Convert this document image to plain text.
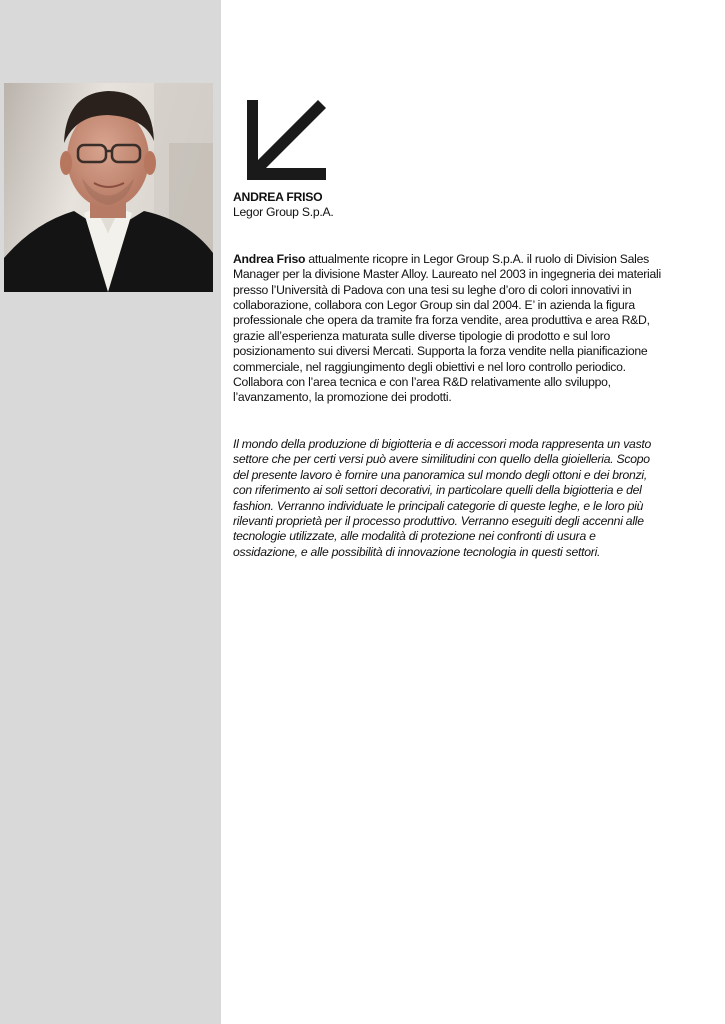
ANDREA FRISO

Legor Group S.p.A.

Andrea Friso attualmente ricopre in Legor Group S.p.A. il ruolo di Division Sales Manager per la divisione Master Alloy. Laureato nel 2003 in ingegneria dei materiali presso l’Università di Padova con una tesi su leghe d’oro di colori innovativi in collaborazione, collabora con Legor Group sin dal 2004. E’ in azienda la figura professionale che opera da tramite fra forza vendite, area produttiva e area R&D, grazie all’esperienza maturata sulle diverse tipologie di prodotto e sul loro posizionamento sui diversi Mercati. Supporta la forza vendite nella pianificazione commerciale, nel raggiungimento degli obiettivi e nel loro controllo periodico. Collabora con l’area tecnica e con l’area R&D relativamente allo sviluppo, l’avanzamento, la promozione dei prodotti.

Il mondo della produzione di bigiotteria e di accessori moda rappresenta un vasto settore che per certi versi può avere similitudini con quello della gioielleria. Scopo del presente lavoro è fornire una panoramica sul mondo degli ottoni e dei bronzi, con riferimento ai soli settori decorativi, in particolare quelli della bigiotteria e del fashion. Verranno individuate le principali categorie di queste leghe, e le loro più rilevanti proprietà per il processo produttivo. Verranno eseguiti degli accenni alle tecnologie utilizzate, alle modalità di protezione nei confronti di usura e ossidazione, e alle possibilità di innovazione tecnologia in questi settori.
